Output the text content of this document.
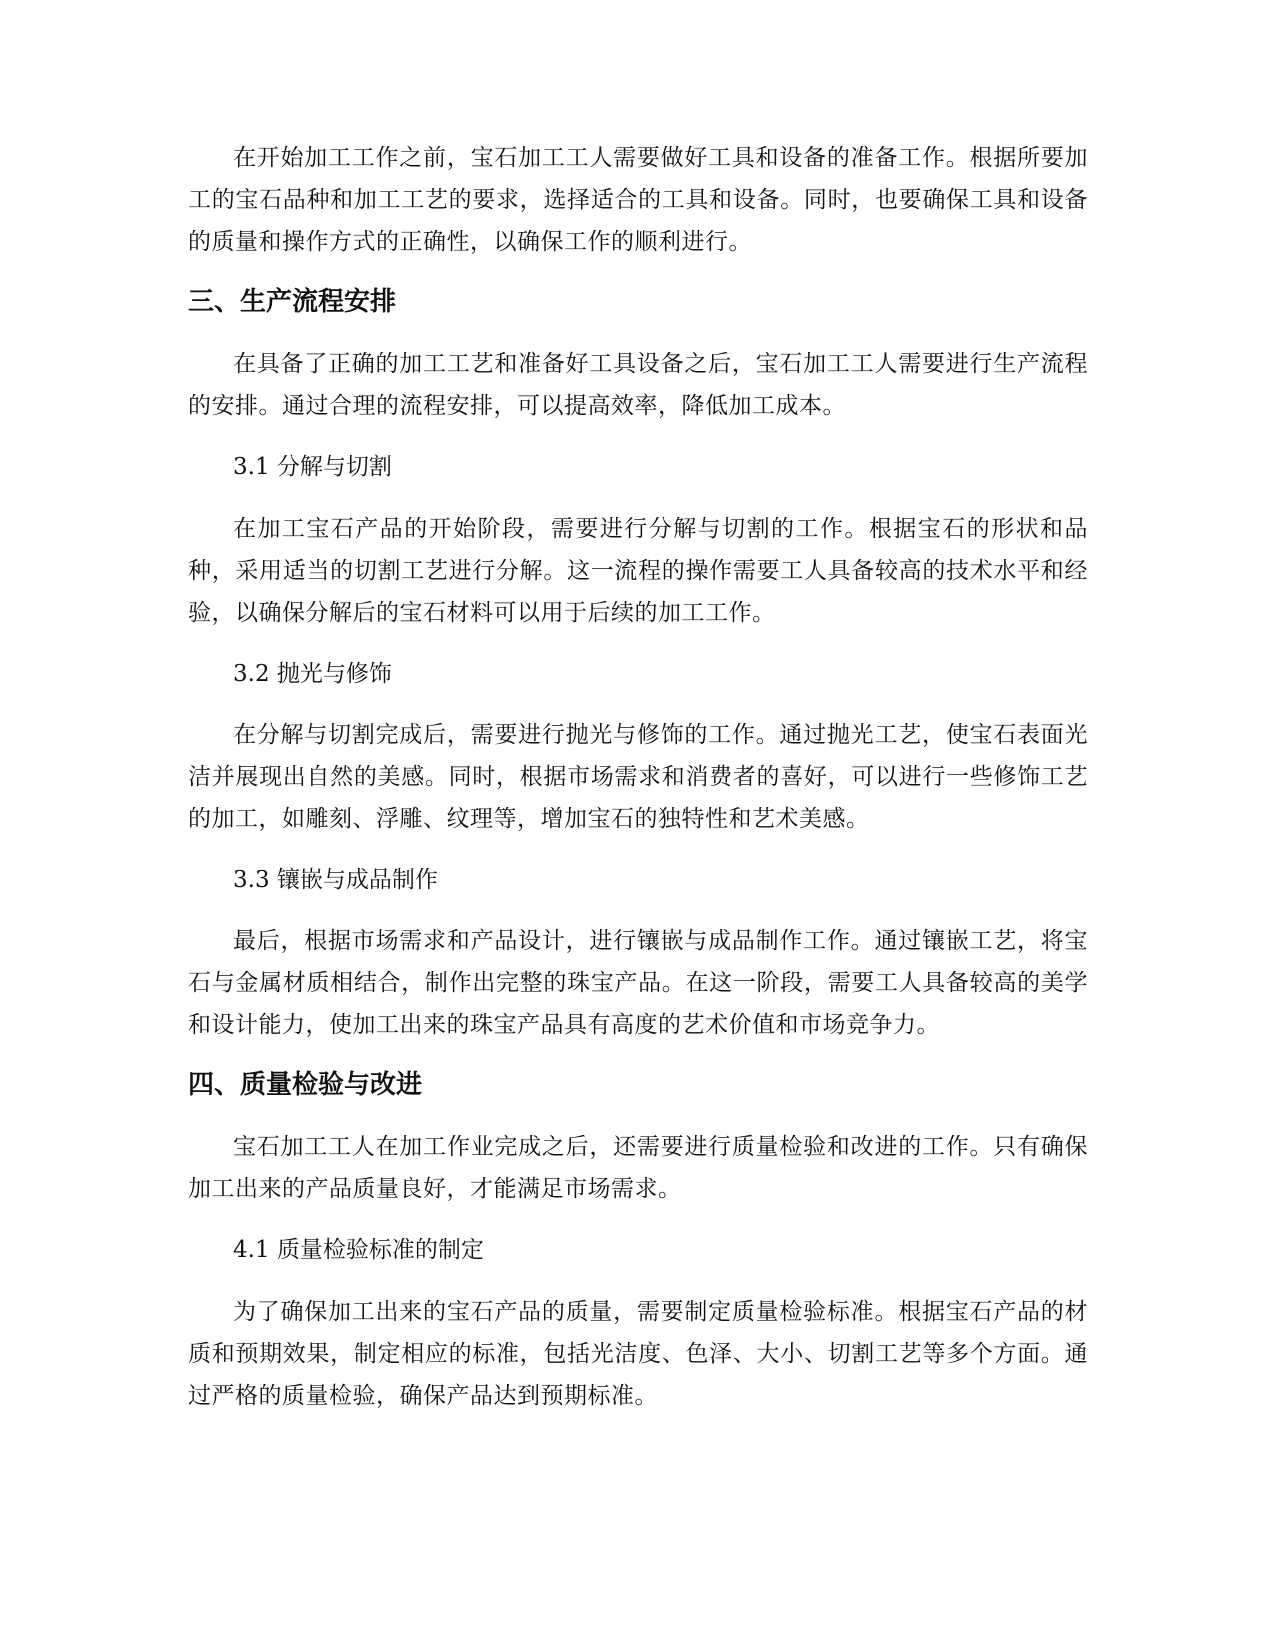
在开始加工工作之前，宝石加工工人需要做好工具和设备的准备工作。根据所要加工的宝石品种和加工工艺的要求，选择适合的工具和设备。同时，也要确保工具和设备的质量和操作方式的正确性，以确保工作的顺利进行。

三、生产流程安排

在具备了正确的加工工艺和准备好工具设备之后，宝石加工工人需要进行生产流程的安排。通过合理的流程安排，可以提高效率，降低加工成本。

3.1 分解与切割

在加工宝石产品的开始阶段，需要进行分解与切割的工作。根据宝石的形状和品种，采用适当的切割工艺进行分解。这一流程的操作需要工人具备较高的技术水平和经验，以确保分解后的宝石材料可以用于后续的加工工作。

3.2 抛光与修饰

在分解与切割完成后，需要进行抛光与修饰的工作。通过抛光工艺，使宝石表面光洁并展现出自然的美感。同时，根据市场需求和消费者的喜好，可以进行一些修饰工艺的加工，如雕刻、浮雕、纹理等，增加宝石的独特性和艺术美感。

3.3 镶嵌与成品制作

最后，根据市场需求和产品设计，进行镶嵌与成品制作工作。通过镶嵌工艺，将宝石与金属材质相结合，制作出完整的珠宝产品。在这一阶段，需要工人具备较高的美学和设计能力，使加工出来的珠宝产品具有高度的艺术价值和市场竞争力。

四、质量检验与改进

宝石加工工人在加工作业完成之后，还需要进行质量检验和改进的工作。只有确保加工出来的产品质量良好，才能满足市场需求。

4.1 质量检验标准的制定

为了确保加工出来的宝石产品的质量，需要制定质量检验标准。根据宝石产品的材质和预期效果，制定相应的标准，包括光洁度、色泽、大小、切割工艺等多个方面。通过严格的质量检验，确保产品达到预期标准。
